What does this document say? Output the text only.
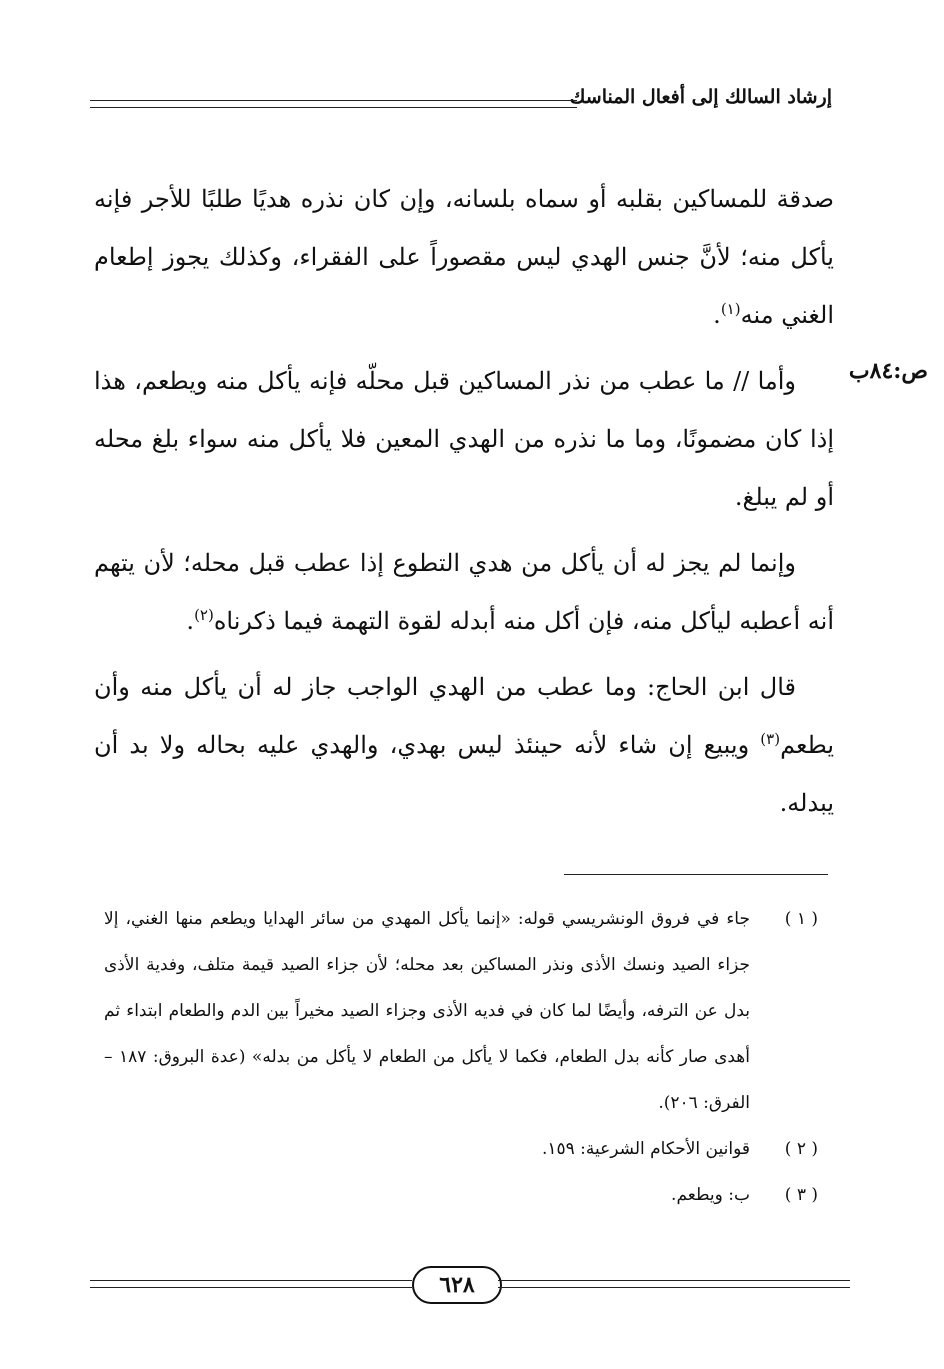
إرشاد السالك إلى أفعال المناسك
ص:٨٤ب

صدقة للمساكين بقلبه أو سماه بلسانه، وإن كان نذره هديًا طلبًا للأجر فإنه يأكل منه؛ لأنَّ جنس الهدي ليس مقصوراً على الفقراء، وكذلك يجوز إطعام الغني منه$^{(١)}$.

وأما // ما عطب من نذر المساكين قبل محلّه فإنه يأكل منه ويطعم، هذا إذا كان مضمونًا، وما ما نذره من الهدي المعين فلا يأكل منه سواء بلغ محله أو لم يبلغ.

وإنما لم يجز له أن يأكل من هدي التطوع إذا عطب قبل محله؛ لأن يتهم أنه أعطبه ليأكل منه، فإن أكل منه أبدله لقوة التهمة فيما ذكرناه$^{(٢)}$.

قال ابن الحاج: وما عطب من الهدي الواجب جاز له أن يأكل منه وأن يطعم$^{(٣)}$ ويبيع إن شاء لأنه حينئذ ليس بهدي، والهدي عليه بحاله ولا بد أن يبدله.

( ١ )
جاء في فروق الونشريسي قوله: «إنما يأكل المهدي من سائر الهدايا ويطعم منها الغني، إلا جزاء الصيد ونسك الأذى ونذر المساكين بعد محله؛ لأن جزاء الصيد قيمة متلف، وفدية الأذى بدل عن الترفه، وأيضًا لما كان في فديه الأذى وجزاء الصيد مخيراً بين الدم والطعام ابتداء ثم أهدى صار كأنه بدل الطعام، فكما لا يأكل من الطعام لا يأكل من بدله» (عدة البروق: ١٨٧ – الفرق: ٢٠٦).
( ٢ )
قوانين الأحكام الشرعية: ١٥٩.
( ٣ )
ب: ويطعم.
٦٢٨
